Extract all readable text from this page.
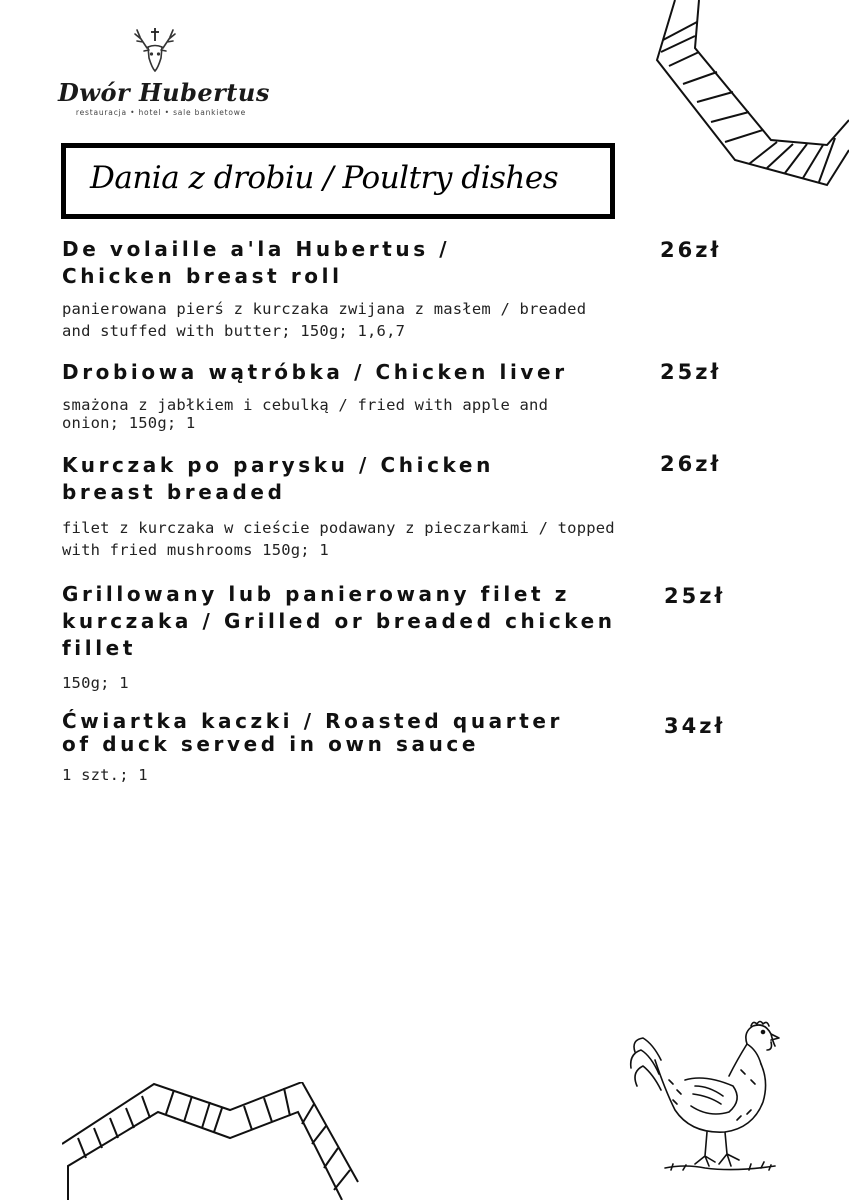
Dwór Hubertus
restauracja • hotel • sale bankietowe
Dania z drobiu / Poultry dishes
De volaille a'la Hubertus /
Chicken breast roll
26zł
panierowana pierś z kurczaka zwijana z masłem / breaded
and stuffed with butter; 150g; 1,6,7
Drobiowa wątróbka / Chicken liver	25zł
smażona z jabłkiem i cebulką / fried with apple and
onion; 150g; 1
Kurczak po parysku / Chicken
breast breaded
26zł
filet z kurczaka w cieście podawany z pieczarkami / topped
with fried mushrooms 150g; 1
Grillowany lub panierowany filet z
kurczaka / Grilled or breaded chicken
fillet
25zł
150g; 1
Ćwiartka kaczki / Roasted quarter
of duck served in own sauce
34zł
1 szt.; 1
